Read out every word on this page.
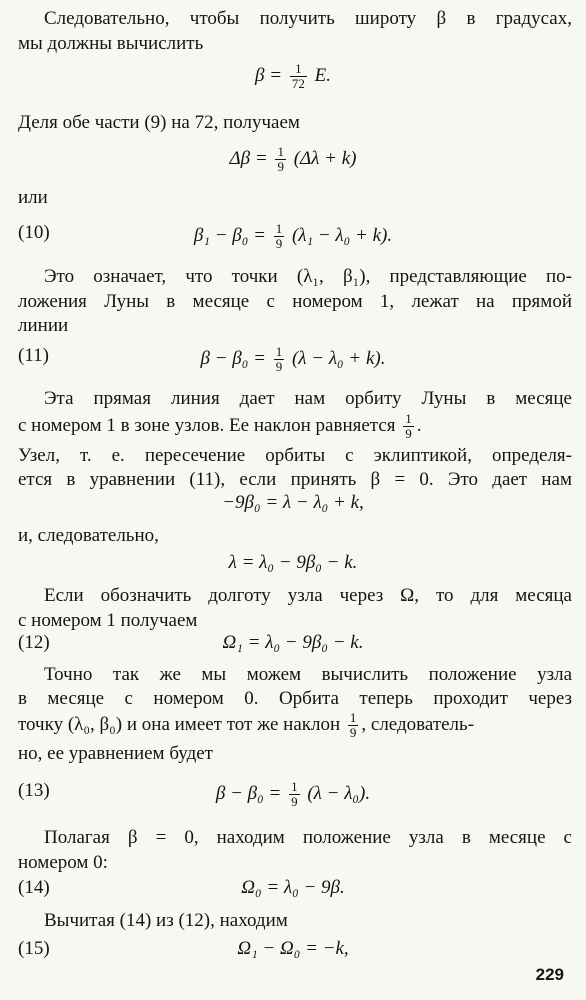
Следовательно, чтобы получить широту β в градусах,
мы должны вычислить
$\beta = \frac{1}{72} E$.
Деля обе части (9) на 72, получаем
$\Delta\beta = \frac{1}{9} (\Delta\lambda + k)$
или
(10)	$\beta_1 - \beta_0 = \frac{1}{9} (\lambda_1 - \lambda_0 + k)$.
Это означает, что точки (λ₁, β₁), представляющие по-
ложения Луны в месяце с номером 1, лежат на прямой
линии
(11)	$\beta - \beta_0 = \frac{1}{9} (\lambda - \lambda_0 + k)$.
Эта прямая линия дает нам орбиту Луны в месяце
с номером 1 в зоне узлов. Ее наклон равняется $\frac{1}{9}$ .
Узел, т. е. пересечение орбиты с эклиптикой, определя-
ется в уравнении (11), если принять β = 0. Это дает нам
−9β₀ = λ − λ₀ + k,
и, следовательно,
λ = λ₀ − 9β₀ − k.
Если обозначить долготу узла через Ω, то для месяца
с номером 1 получаем
(12)	Ω₁ = λ₀ − 9β₀ − k.
Точно так же мы можем вычислить положение узла
в месяце с номером 0. Орбита теперь проходит через
точку (λ₀, β₀) и она имеет тот же наклон $\frac{1}{9}$ , следователь-
но, ее уравнением будет
(13)	$\beta - \beta_0 = \frac{1}{9} (\lambda - \lambda_0)$.
Полагая β = 0, находим положение узла в месяце с
номером 0:
(14)	Ω₀ = λ₀ − 9β.
Вычитая (14) из (12), находим
(15)	Ω₁ − Ω₀ = −k,
229
